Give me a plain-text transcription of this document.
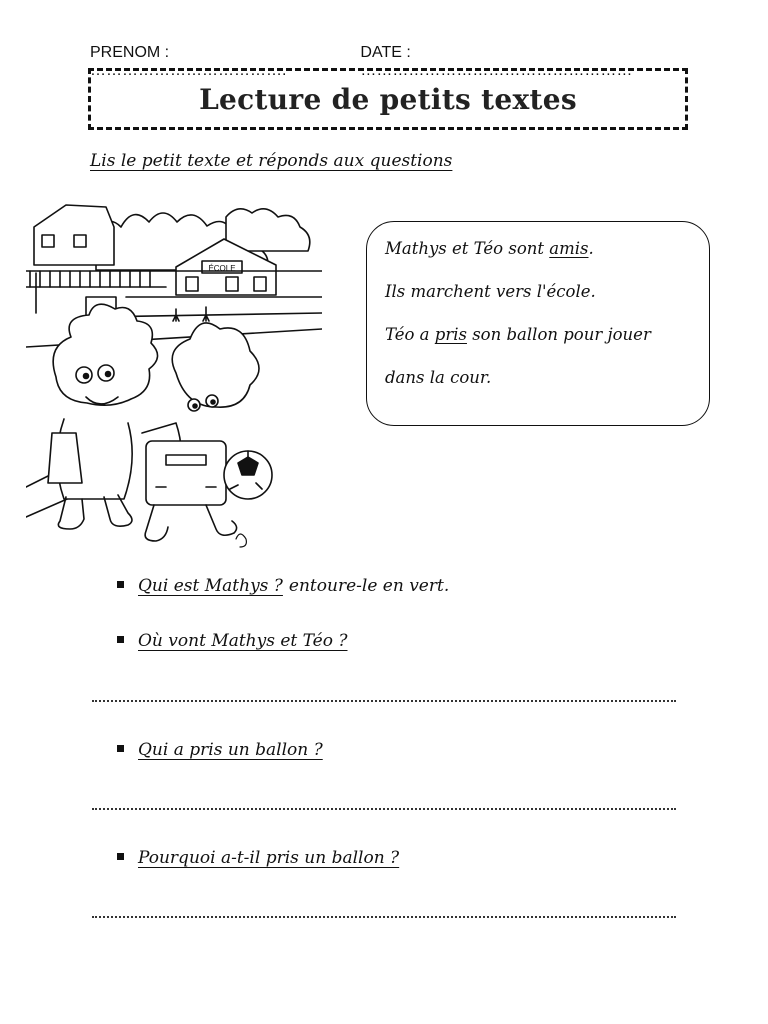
PRENOM : ……………………………….
DATE : ……………………………………………
Lecture de petits textes
Lis le petit texte et réponds aux questions
ÉCOLE

Mathys et Téo sont amis.

Ils marchent vers l'école.

Téo a pris son ballon pour jouer

dans la cour.

Qui est Mathys ? entoure-le en vert.
Où vont Mathys et Téo ?
Qui a pris un ballon ?
Pourquoi a-t-il pris un ballon ?
